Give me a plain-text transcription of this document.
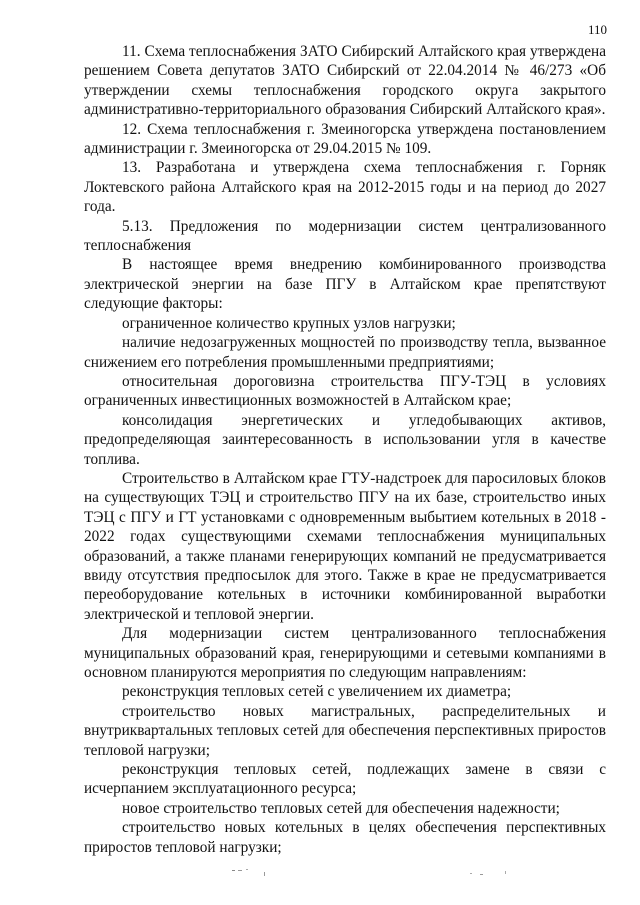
110

11. Схема теплоснабжения ЗАТО Сибирский Алтайского края утверждена решением Совета депутатов ЗАТО Сибирский от 22.04.2014 № 46/273 «Об утверждении схемы теплоснабжения городского округа закрытого административно-территориального образования Сибирский Алтайского края».

12. Схема теплоснабжения г. Змеиногорска утверждена постановлением администрации г. Змеиногорска от 29.04.2015 № 109.

13. Разработана и утверждена схема теплоснабжения г. Горняк Локтевского района Алтайского края на 2012-2015 годы и на период до 2027 года.

5.13. Предложения по модернизации систем централизованного теплоснабжения

В настоящее время внедрению комбинированного производства электрической энергии на базе ПГУ в Алтайском крае препятствуют следующие факторы:

ограниченное количество крупных узлов нагрузки;

наличие недозагруженных мощностей по производству тепла, вызванное снижением его потребления промышленными предприятиями;

относительная дороговизна строительства ПГУ-ТЭЦ в условиях ограниченных инвестиционных возможностей в Алтайском крае;

консолидация энергетических и угледобывающих активов, предопределяющая заинтересованность в использовании угля в качестве топлива.

Строительство в Алтайском крае ГТУ-надстроек для паросиловых блоков на существующих ТЭЦ и строительство ПГУ на их базе, строительство иных ТЭЦ с ПГУ и ГТ установками с одновременным выбытием котельных в 2018 - 2022 годах существующими схемами теплоснабжения муниципальных образований, а также планами генерирующих компаний не предусматривается ввиду отсутствия предпосылок для этого. Также в крае не предусматривается переоборудование котельных в источники комбинированной выработки электрической и тепловой энергии.

Для модернизации систем централизованного теплоснабжения муниципальных образований края, генерирующими и сетевыми компаниями в основном планируются мероприятия по следующим направлениям:

реконструкция тепловых сетей с увеличением их диаметра;

строительство новых магистральных, распределительных и внутриквартальных тепловых сетей для обеспечения перспективных приростов тепловой нагрузки;

реконструкция тепловых сетей, подлежащих замене в связи с исчерпанием эксплуатационного ресурса;

новое строительство тепловых сетей для обеспечения надежности;

строительство новых котельных в целях обеспечения перспективных приростов тепловой нагрузки;
